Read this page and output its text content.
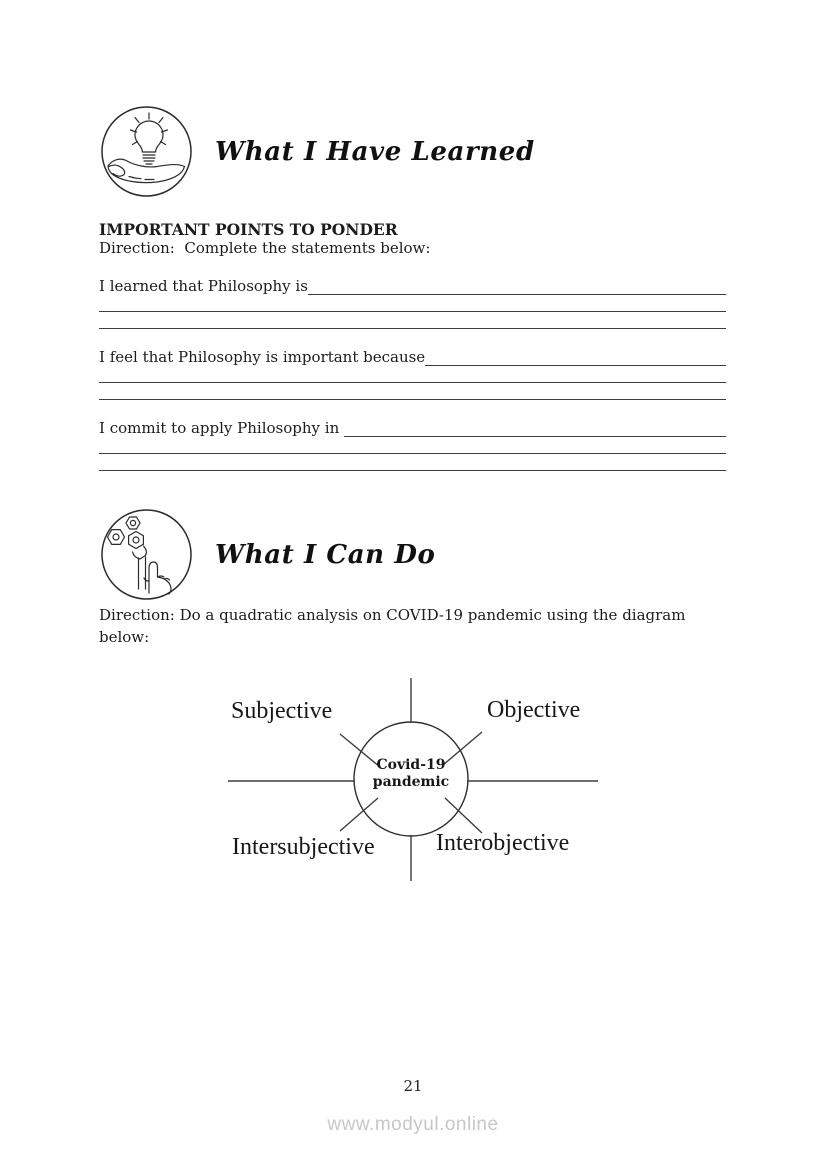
What I Have Learned
IMPORTANT POINTS TO PONDER
Direction:  Complete the statements below:
I learned that Philosophy is
I feel that Philosophy is important because
I commit to apply Philosophy in
What I Can Do
Direction: Do a quadratic analysis on COVID-19 pandemic using the diagram below:
Subjective	Objective
Intersubjective	Interobjective
Covid-19
pandemic
21
www.modyul.online
